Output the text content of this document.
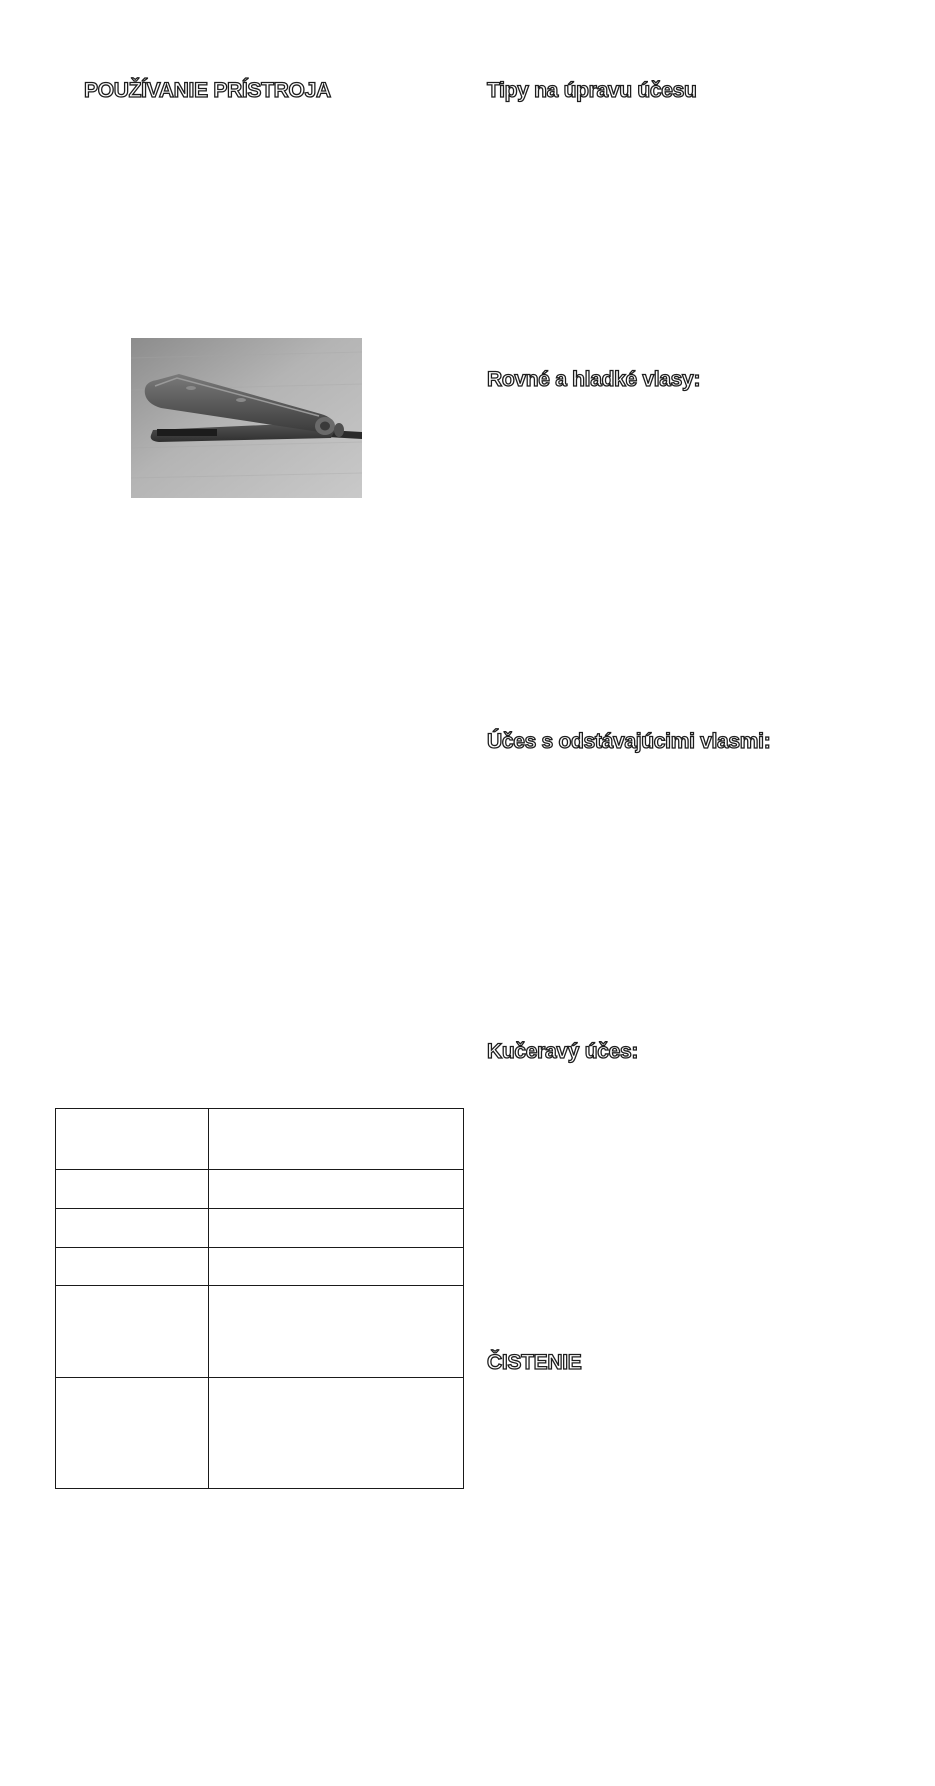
POUŽÍVANIE PRÍSTROJA	Tipy na úpravu účesu
Rovné a hladké vlasy:
Účes s odstávajúcimi vlasmi:
Kučeravý účes:
ČISTENIE
